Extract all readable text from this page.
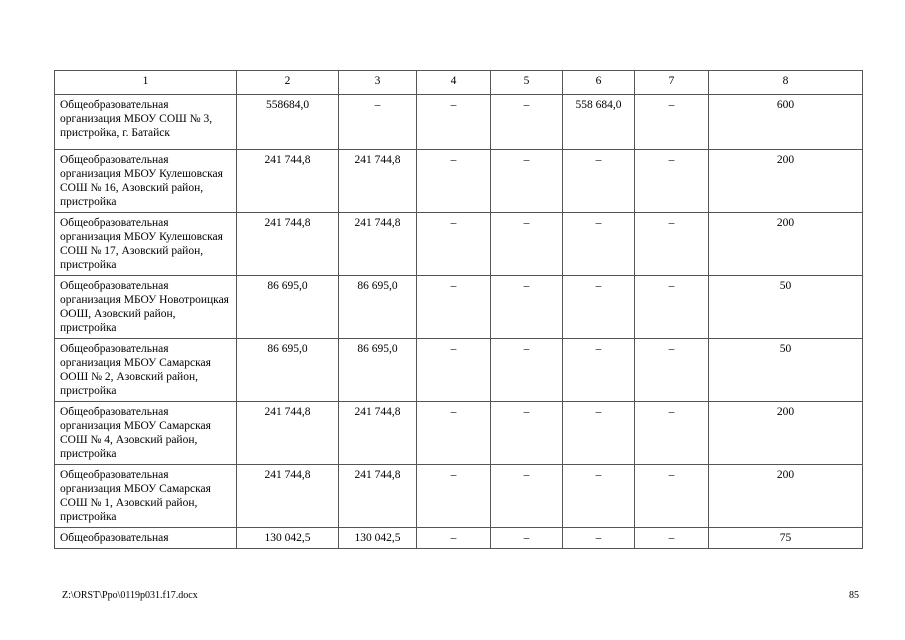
1	2	3	4	5	6	7	8
Общеобразовательная организация МБОУ СОШ № 3, пристройка, г. Батайск	558684,0	–	–	–	558 684,0	–	600
Общеобразовательная организация МБОУ Кулешовская СОШ № 16, Азовский район, пристройка	241 744,8	241 744,8	–	–	–	–	200
Общеобразовательная организация МБОУ Кулешовская СОШ № 17, Азовский район, пристройка	241 744,8	241 744,8	–	–	–	–	200
Общеобразовательная организация МБОУ Новотроицкая ООШ, Азовский район, пристройка	86 695,0	86 695,0	–	–	–	–	50
Общеобразовательная организация МБОУ Самарская ООШ № 2, Азовский район, пристройка	86 695,0	86 695,0	–	–	–	–	50
Общеобразовательная организация МБОУ Самарская СОШ № 4, Азовский район, пристройка	241 744,8	241 744,8	–	–	–	–	200
Общеобразовательная организация МБОУ Самарская СОШ № 1, Азовский район, пристройка	241 744,8	241 744,8	–	–	–	–	200
Общеобразовательная	130 042,5	130 042,5	–	–	–	–	75
Z:\ORST\Ppo\0119p031.f17.docx	85
